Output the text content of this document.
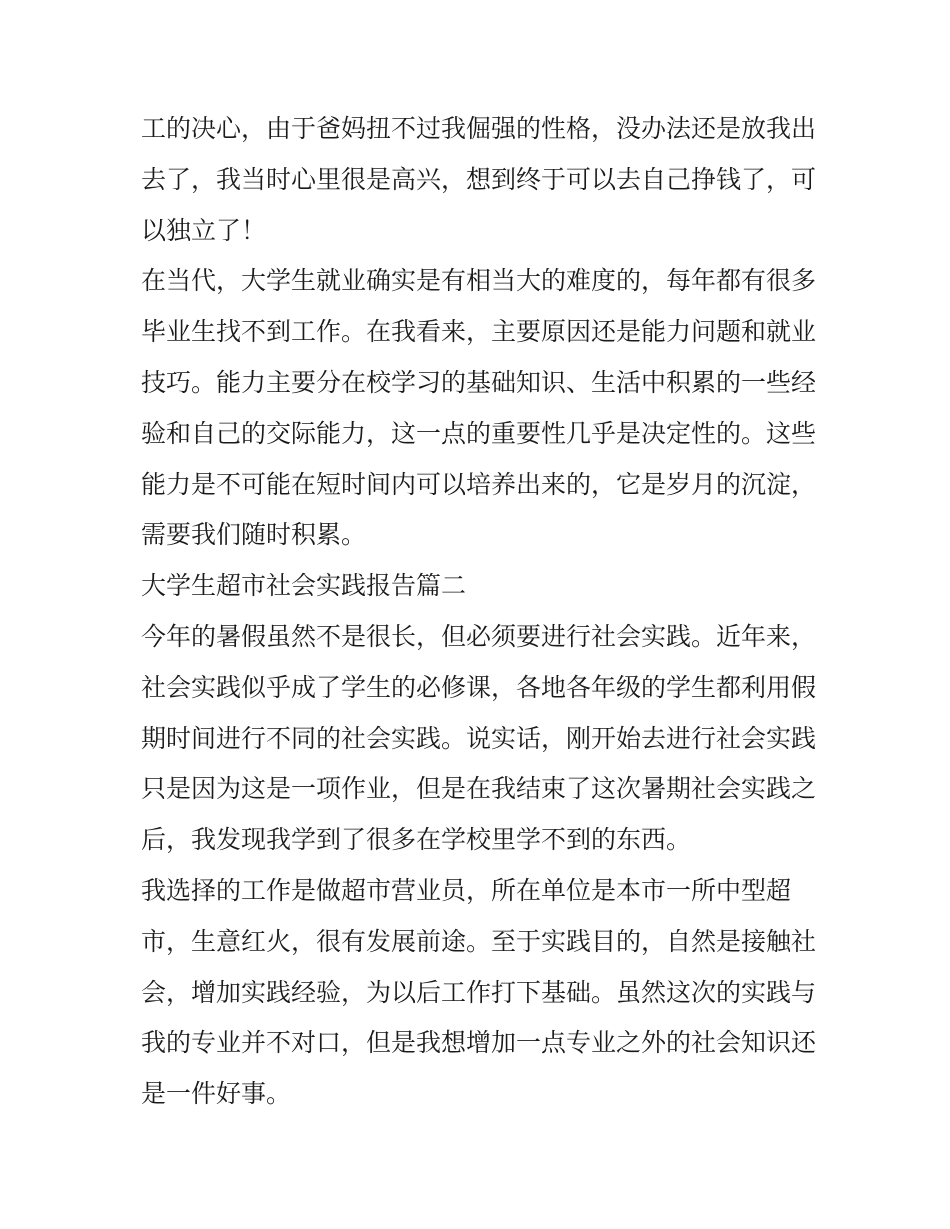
工的决心，由于爸妈扭不过我倔强的性格，没办法还是放我出
去了，我当时心里很是高兴，想到终于可以去自己挣钱了，可
以独立了！
在当代，大学生就业确实是有相当大的难度的，每年都有很多
毕业生找不到工作。在我看来，主要原因还是能力问题和就业
技巧。能力主要分在校学习的基础知识、生活中积累的一些经
验和自己的交际能力，这一点的重要性几乎是决定性的。这些
能力是不可能在短时间内可以培养出来的，它是岁月的沉淀，
需要我们随时积累。
大学生超市社会实践报告篇二
今年的暑假虽然不是很长，但必须要进行社会实践。近年来，
社会实践似乎成了学生的必修课，各地各年级的学生都利用假
期时间进行不同的社会实践。说实话，刚开始去进行社会实践
只是因为这是一项作业，但是在我结束了这次暑期社会实践之
后，我发现我学到了很多在学校里学不到的东西。
我选择的工作是做超市营业员，所在单位是本市一所中型超
市，生意红火，很有发展前途。至于实践目的，自然是接触社
会，增加实践经验，为以后工作打下基础。虽然这次的实践与
我的专业并不对口，但是我想增加一点专业之外的社会知识还
是一件好事。
